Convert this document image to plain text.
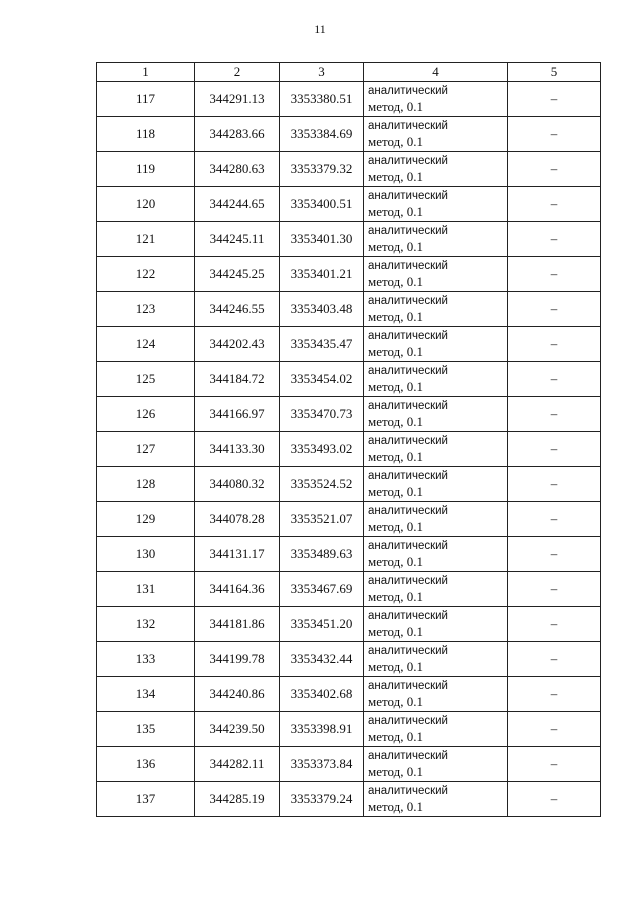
11
1	2	3	4	5
117	344291.13	3353380.51	аналитический
метод, 0.1	–
118	344283.66	3353384.69	аналитический
метод, 0.1	–
119	344280.63	3353379.32	аналитический
метод, 0.1	–
120	344244.65	3353400.51	аналитический
метод, 0.1	–
121	344245.11	3353401.30	аналитический
метод, 0.1	–
122	344245.25	3353401.21	аналитический
метод, 0.1	–
123	344246.55	3353403.48	аналитический
метод, 0.1	–
124	344202.43	3353435.47	аналитический
метод, 0.1	–
125	344184.72	3353454.02	аналитический
метод, 0.1	–
126	344166.97	3353470.73	аналитический
метод, 0.1	–
127	344133.30	3353493.02	аналитический
метод, 0.1	–
128	344080.32	3353524.52	аналитический
метод, 0.1	–
129	344078.28	3353521.07	аналитический
метод, 0.1	–
130	344131.17	3353489.63	аналитический
метод, 0.1	–
131	344164.36	3353467.69	аналитический
метод, 0.1	–
132	344181.86	3353451.20	аналитический
метод, 0.1	–
133	344199.78	3353432.44	аналитический
метод, 0.1	–
134	344240.86	3353402.68	аналитический
метод, 0.1	–
135	344239.50	3353398.91	аналитический
метод, 0.1	–
136	344282.11	3353373.84	аналитический
метод, 0.1	–
137	344285.19	3353379.24	аналитический
метод, 0.1	–
